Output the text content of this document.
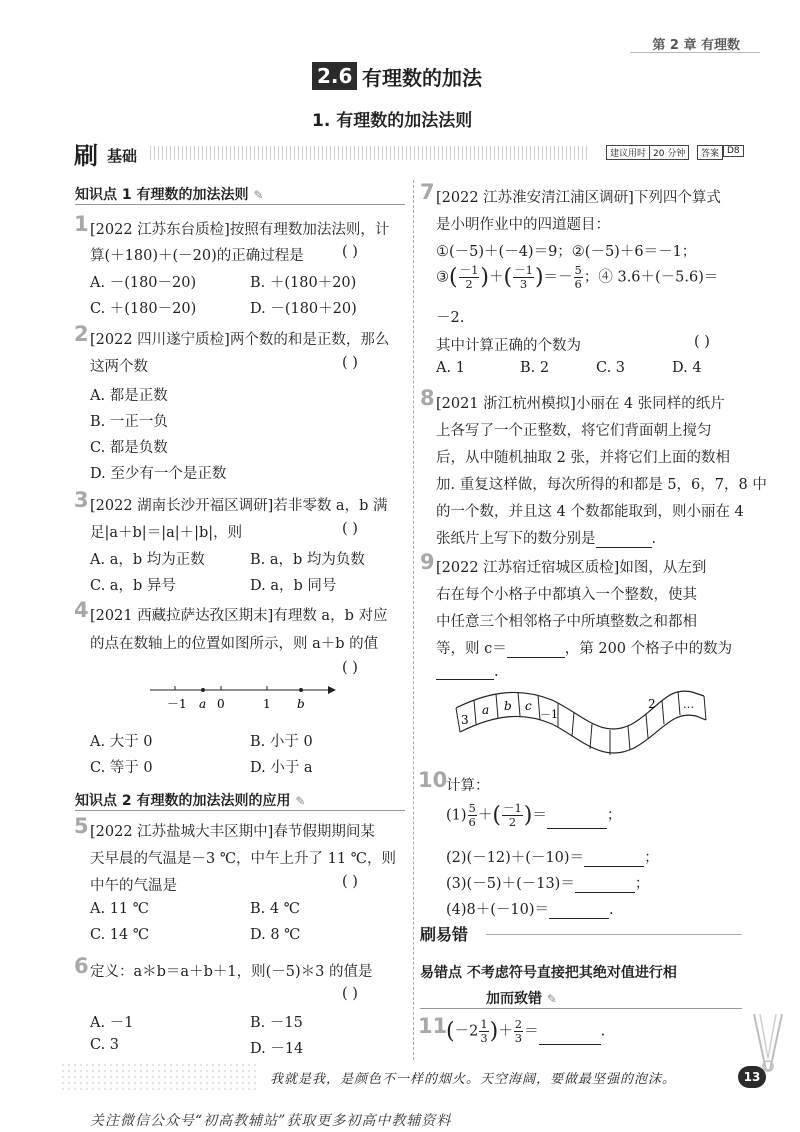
第 2 章 有理数
2.6 有理数的加法
1. 有理数的加法法则
刷 基础	建议用时 20 分钟	答案 D8
知识点 1 有理数的加法法则 ✎
1 [2022 江苏东台质检]按照有理数加法法则，计
算(＋180)＋(－20)的正确过程是	( )
A. －(180－20)	B. ＋(180＋20)
C. ＋(180－20)	D. －(180＋20)
2 [2022 四川遂宁质检]两个数的和是正数，那么
这两个数	( )
A. 都是正数
B. 一正一负
C. 都是负数
D. 至少有一个是正数
3 [2022 湖南长沙开福区调研]若非零数 a，b 满
足|a＋b|＝|a|＋|b|，则	( )
A. a，b 均为正数	B. a，b 均为负数
C. a，b 异号	D. a，b 同号
4 [2021 西藏拉萨达孜区期末]有理数 a，b 对应
的点在数轴上的位置如图所示，则 a＋b 的值
( )
－1 a 0	1 b
A. 大于 0	B. 小于 0
C. 等于 0	D. 小于 a
知识点 2 有理数的加法法则的应用 ✎
5 [2022 江苏盐城大丰区期中]春节假期期间某
天早晨的气温是－3 ℃，中午上升了 11 ℃，则
中午的气温是	( )
A. 11 ℃	B. 4 ℃
C. 14 ℃	D. 8 ℃
6 定义：a＊b＝a＋b＋1，则(－5)＊3 的值是
( )
A. －1	B. －15
C. 3	D. －14
7 [2022 江苏淮安清江浦区调研]下列四个算式
是小明作业中的四道题目：
①(－5)＋(－4)＝9；②(－5)＋6＝－1；
③( $\frac{-1}{2}$ )＋( $\frac{-1}{3}$ )＝－ $\frac{5}{6}$ ；④ 3.6＋(－5.6)＝
－2.
其中计算正确的个数为	( )
A. 1	B. 2	C. 3	D. 4
8 [2021 浙江杭州模拟]小丽在 4 张同样的纸片
上各写了一个正整数，将它们背面朝上搅匀
后，从中随机抽取 2 张，并将它们上面的数相
加. 重复这样做，每次所得的和都是 5，6，7，8 中
的一个数，并且这 4 个数都能取到，则小丽在 4
张纸片上写下的数分别是	.
9 [2022 江苏宿迁宿城区质检]如图，从左到
右在每个小格子中都填入一个整数，使其
中任意三个相邻格子中所填整数之和都相
等，则 c＝	，第 200 个格子中的数为
.
3
a b c
－1
2 …
10
计算：
$(1) \frac{5}{6}$ ＋( $\frac{-1}{2}$ )＝	；
(2)(－12)＋(－10)＝	；
(3)(－5)＋(－13)＝	；
(4)8＋(－10)＝	.
刷易错
易错点 不考虑符号直接把其绝对值进行相
加而致错 ✎
11
($-2 \frac{1}{3}$ )＋ $\frac{2}{3}$ ＝	.
我就是我，是颜色不一样的烟火。天空海阔，要做最坚强的泡沫。	13
关注微信公众号“初高教辅站”获取更多初高中教辅资料
